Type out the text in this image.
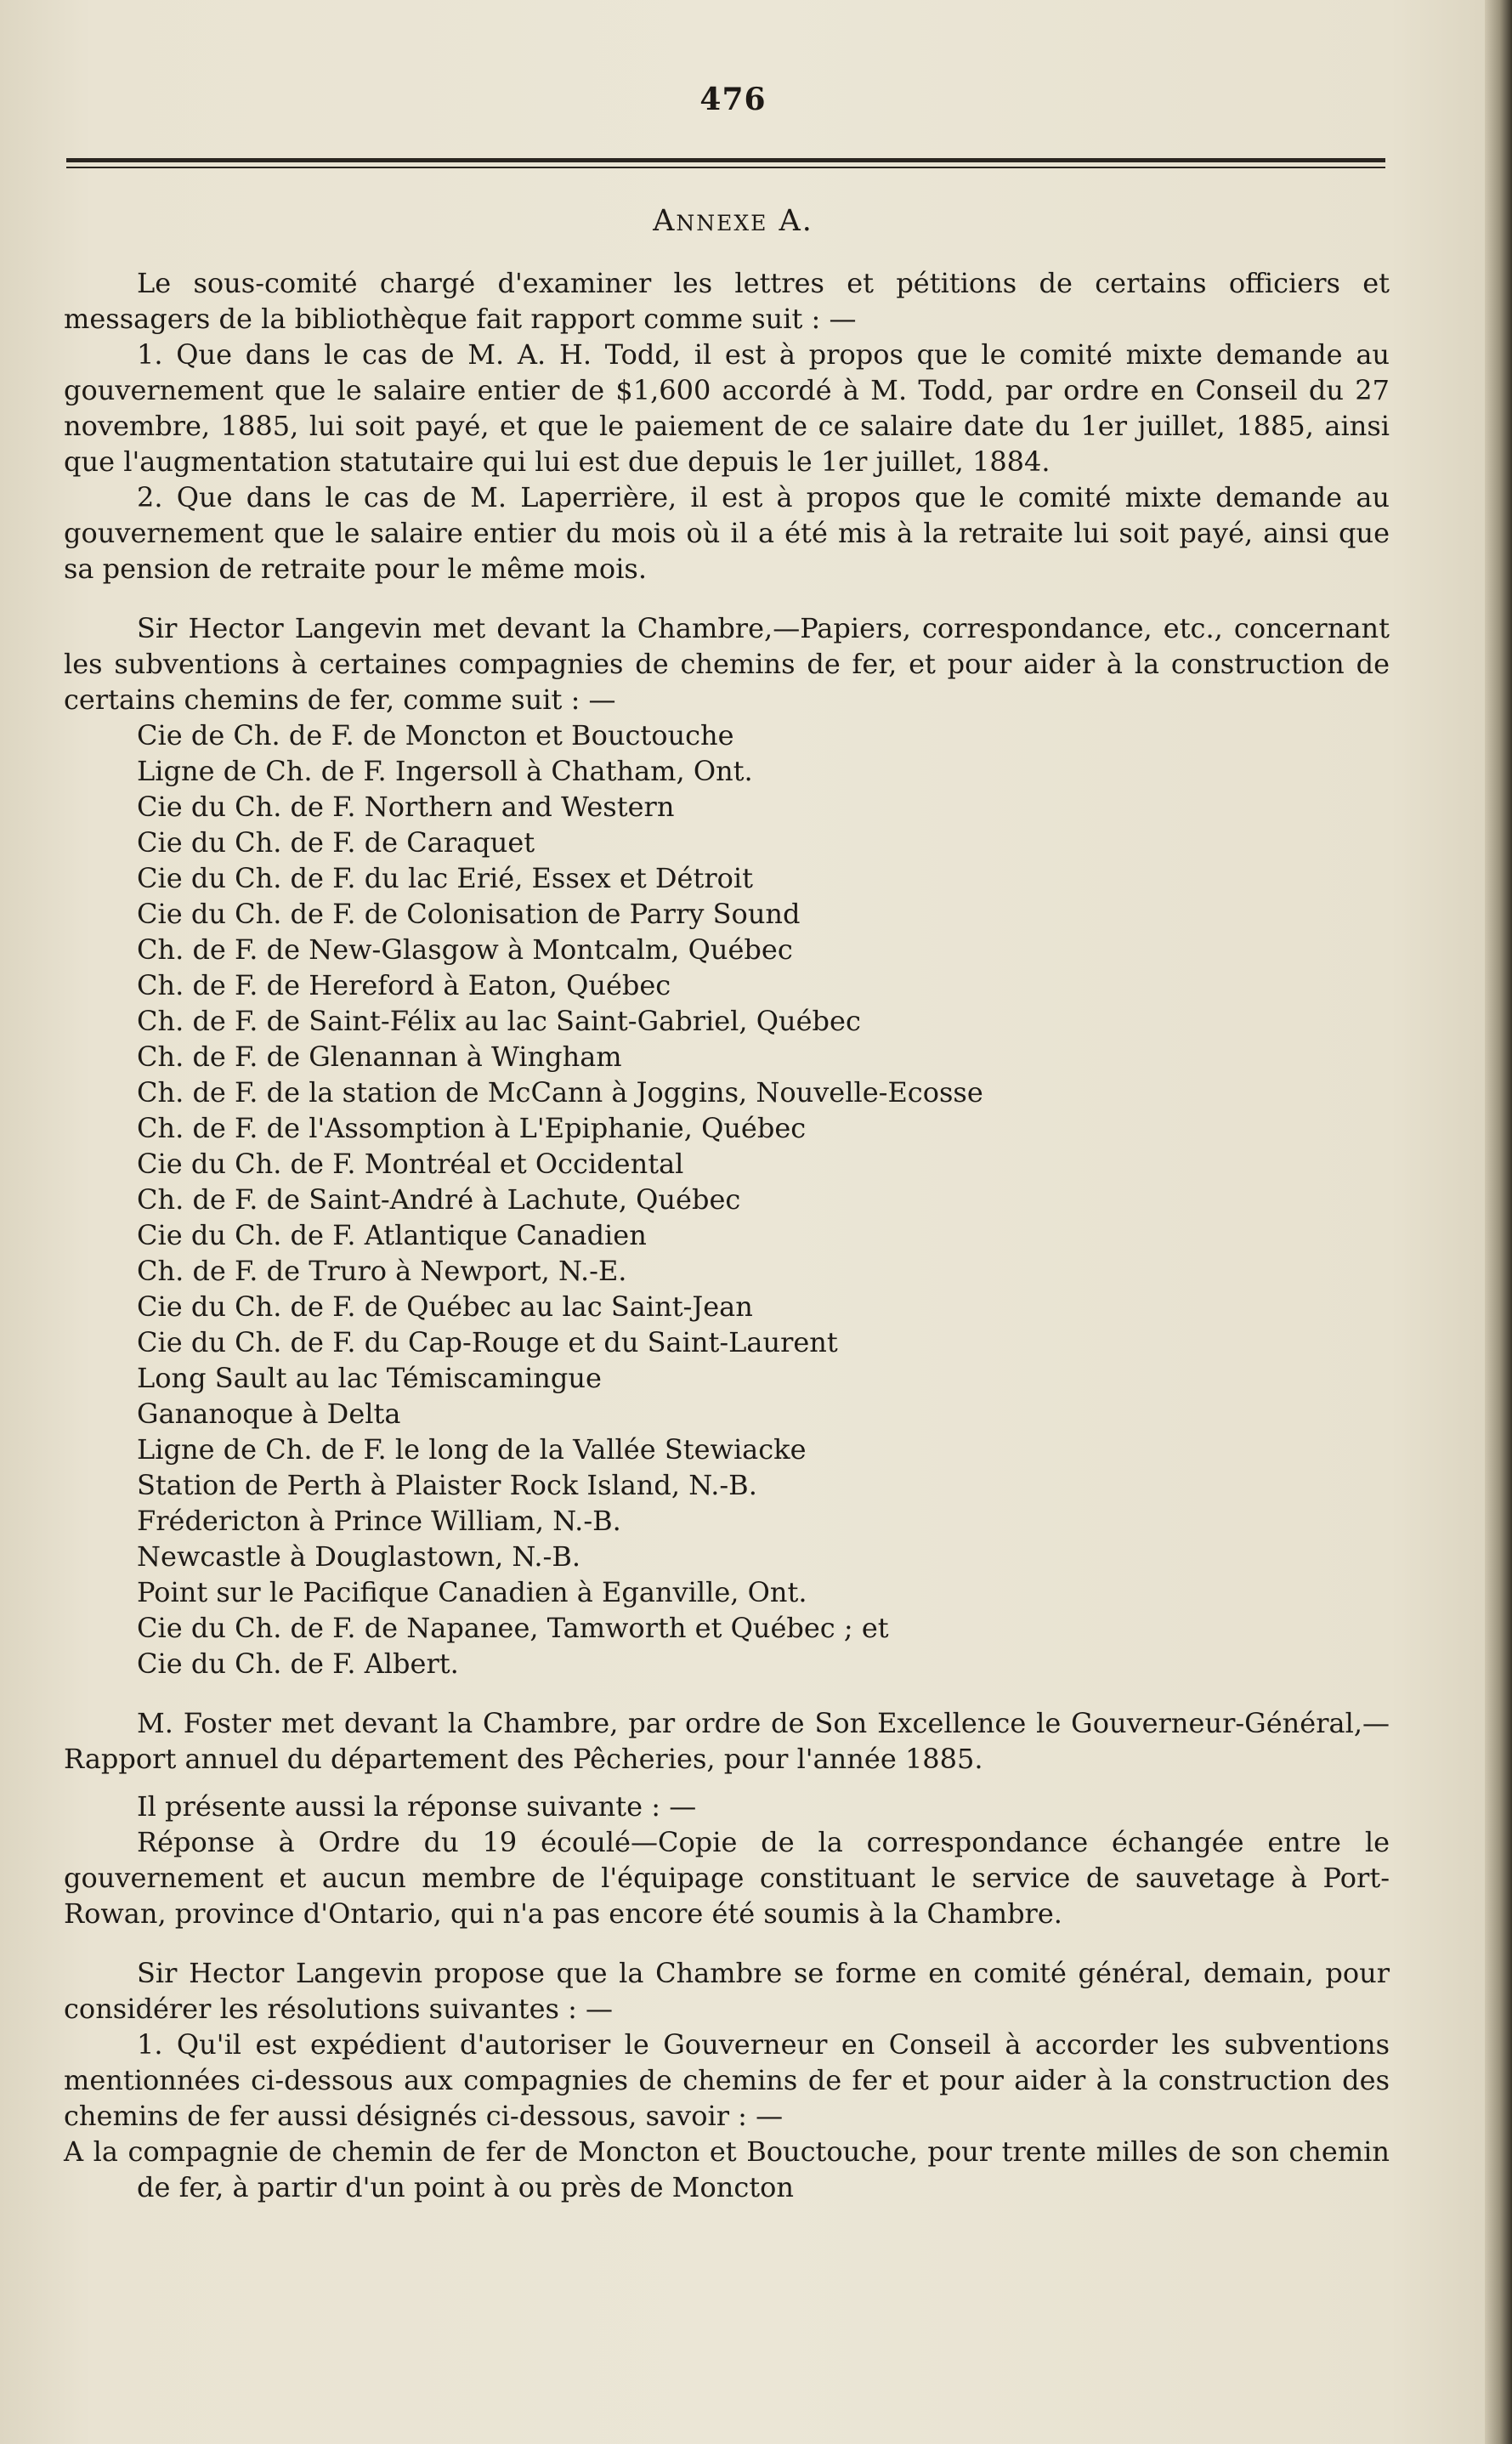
476
Annexe A.

Le sous-comité chargé d'examiner les lettres et pétitions de certains officiers et messagers de la bibliothèque fait rapport comme suit : —

1. Que dans le cas de M. A. H. Todd, il est à propos que le comité mixte demande au gouvernement que le salaire entier de $1,600 accordé à M. Todd, par ordre en Conseil du 27 novembre, 1885, lui soit payé, et que le paiement de ce salaire date du 1er juillet, 1885, ainsi que l'augmentation statutaire qui lui est due depuis le 1er juillet, 1884.

2. Que dans le cas de M. Laperrière, il est à propos que le comité mixte demande au gouvernement que le salaire entier du mois où il a été mis à la retraite lui soit payé, ainsi que sa pension de retraite pour le même mois.

Sir Hector Langevin met devant la Chambre,—Papiers, correspondance, etc., concernant les subventions à certaines compagnies de chemins de fer, et pour aider à la construction de certains chemins de fer, comme suit : —

Cie de Ch. de F. de Moncton et Bouctouche
Ligne de Ch. de F. Ingersoll à Chatham, Ont.
Cie du Ch. de F. Northern and Western
Cie du Ch. de F. de Caraquet
Cie du Ch. de F. du lac Erié, Essex et Détroit
Cie du Ch. de F. de Colonisation de Parry Sound
Ch. de F. de New-Glasgow à Montcalm, Québec
Ch. de F. de Hereford à Eaton, Québec
Ch. de F. de Saint-Félix au lac Saint-Gabriel, Québec
Ch. de F. de Glenannan à Wingham
Ch. de F. de la station de McCann à Joggins, Nouvelle-Ecosse
Ch. de F. de l'Assomption à L'Epiphanie, Québec
Cie du Ch. de F. Montréal et Occidental
Ch. de F. de Saint-André à Lachute, Québec
Cie du Ch. de F. Atlantique Canadien
Ch. de F. de Truro à Newport, N.-E.
Cie du Ch. de F. de Québec au lac Saint-Jean
Cie du Ch. de F. du Cap-Rouge et du Saint-Laurent
Long Sault au lac Témiscamingue
Gananoque à Delta
Ligne de Ch. de F. le long de la Vallée Stewiacke
Station de Perth à Plaister Rock Island, N.-B.
Frédericton à Prince William, N.-B.
Newcastle à Douglastown, N.-B.
Point sur le Pacifique Canadien à Eganville, Ont.
Cie du Ch. de F. de Napanee, Tamworth et Québec ; et
Cie du Ch. de F. Albert.

M. Foster met devant la Chambre, par ordre de Son Excellence le Gouverneur-Général,—Rapport annuel du département des Pêcheries, pour l'année 1885.

Il présente aussi la réponse suivante : —

Réponse à Ordre du 19 écoulé—Copie de la correspondance échangée entre le gouvernement et aucun membre de l'équipage constituant le service de sauvetage à Port-Rowan, province d'Ontario, qui n'a pas encore été soumis à la Chambre.

Sir Hector Langevin propose que la Chambre se forme en comité général, demain, pour considérer les résolutions suivantes : —

1. Qu'il est expédient d'autoriser le Gouverneur en Conseil à accorder les subventions mentionnées ci-dessous aux compagnies de chemins de fer et pour aider à la construction des chemins de fer aussi désignés ci-dessous, savoir : —

A la compagnie de chemin de fer de Moncton et Bouctouche, pour trente milles de son chemin de fer, à partir d'un point à ou près de Moncton
